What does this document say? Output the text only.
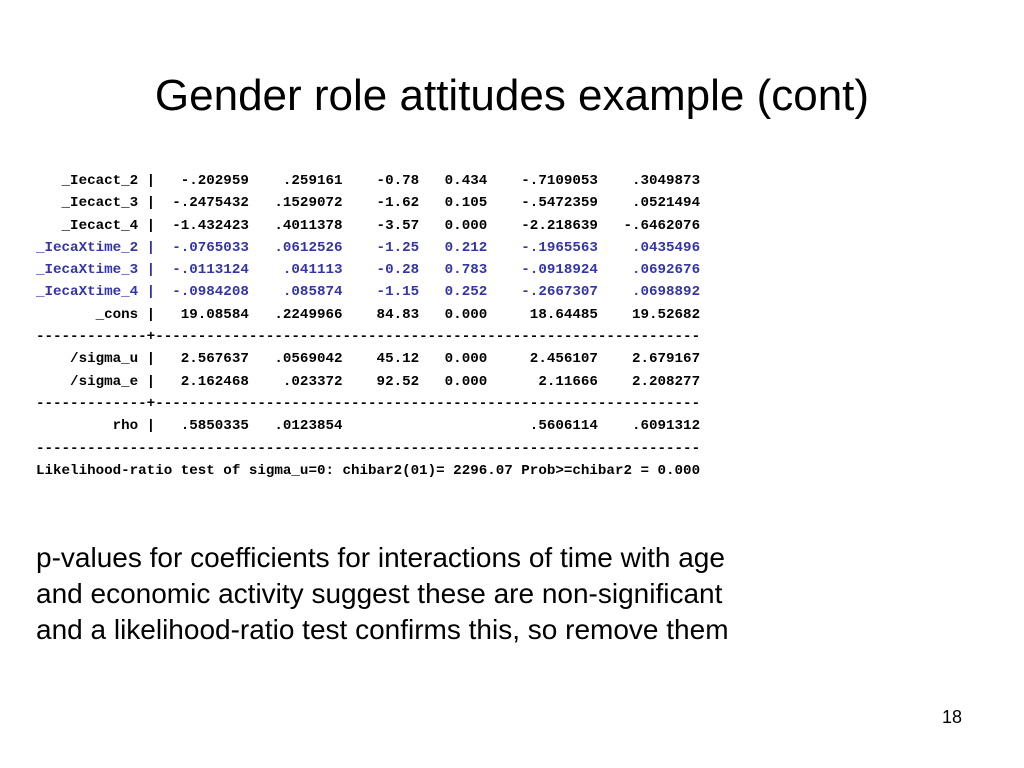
Gender role attitudes example (cont)
_Iecact_2 |   -.202959    .259161    -0.78   0.434    -.7109053    .3049873
_Iecact_3 |  -.2475432   .1529072    -1.62   0.105    -.5472359    .0521494
_Iecact_4 |  -1.432423   .4011378    -3.57   0.000    -2.218639   -.6462076
_IecaXtime_2 |  -.0765033   .0612526    -1.25   0.212    -.1965563    .0435496
_IecaXtime_3 |  -.0113124    .041113    -0.28   0.783    -.0918924    .0692676
_IecaXtime_4 |  -.0984208    .085874    -1.15   0.252    -.2667307    .0698892
_cons |   19.08584   .2249966    84.83   0.000     18.64485    19.52682
-------------+----------------------------------------------------------------
/sigma_u |   2.567637   .0569042    45.12   0.000     2.456107    2.679167
/sigma_e |   2.162468    .023372    92.52   0.000      2.11666    2.208277
-------------+----------------------------------------------------------------
rho |   .5850335   .0123854                      .5606114    .6091312
------------------------------------------------------------------------------
Likelihood-ratio test of sigma_u=0: chibar2(01)= 2296.07 Prob>=chibar2 = 0.000
p-values for coefficients for interactions of time with age
and economic activity suggest these are non-significant
and a likelihood-ratio test confirms this, so remove them
18
